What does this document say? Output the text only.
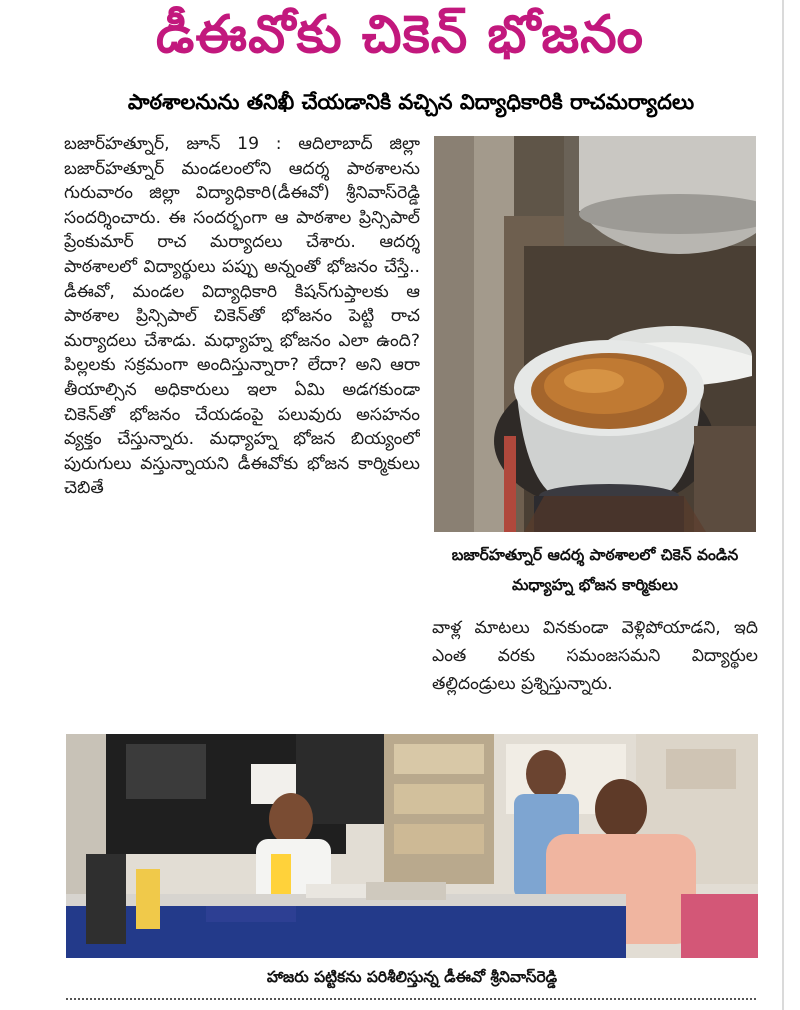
డీఈవోకు చికెన్ భోజనం
పాఠశాలనును తనిఖీ చేయడానికి వచ్చిన విద్యాధికారికి రాచమర్యాదలు

బజార్‌హత్నూర్, జూన్ 19 : ఆదిలాబాద్ జిల్లా బజార్‌హత్నూర్ మండలంలోని ఆదర్శ పాఠశాలను గురువారం జిల్లా విద్యాధికారి(డీఈవో) శ్రీనివాస్‌రెడ్డి సందర్శించారు. ఈ సందర్భంగా ఆ పాఠశాల ప్రిన్సిపాల్ ప్రేంకుమార్ రాచ మర్యాదలు చేశారు. ఆదర్శ పాఠశాలలో విద్యార్థులు పప్పు అన్నంతో భోజనం చేస్తే.. డీఈవో, మండల విద్యాధికారి కిషన్‌గుప్తాలకు ఆ పాఠశాల ప్రిన్సిపాల్ చికెన్‌తో భోజనం పెట్టి రాచ మర్యాదలు చేశాడు. మధ్యాహ్న భోజనం ఎలా ఉంది? పిల్లలకు సక్రమంగా అందిస్తున్నారా? లేదా? అని ఆరా తీయాల్సిన అధికారులు ఇలా ఏమి అడగకుండా చికెన్‌తో భోజనం చేయడంపై పలువురు అసహనం వ్యక్తం చేస్తున్నారు. మధ్యాహ్న భోజన బియ్యంలో పురుగులు వస్తున్నాయని డీఈవోకు భోజన కార్మికులు చెబితే

బజార్‌హత్నూర్ ఆదర్శ పాఠశాలలో చికెన్ వండిన మధ్యాహ్న భోజన కార్మికులు

వాళ్ల మాటలు వినకుండా వెళ్లిపోయాడని, ఇది ఎంత వరకు సమంజసమని విద్యార్థుల తల్లిదండ్రులు ప్రశ్నిస్తున్నారు.

హాజరు పట్టికను పరిశీలిస్తున్న డీఈవో శ్రీనివాస్‌రెడ్డి
